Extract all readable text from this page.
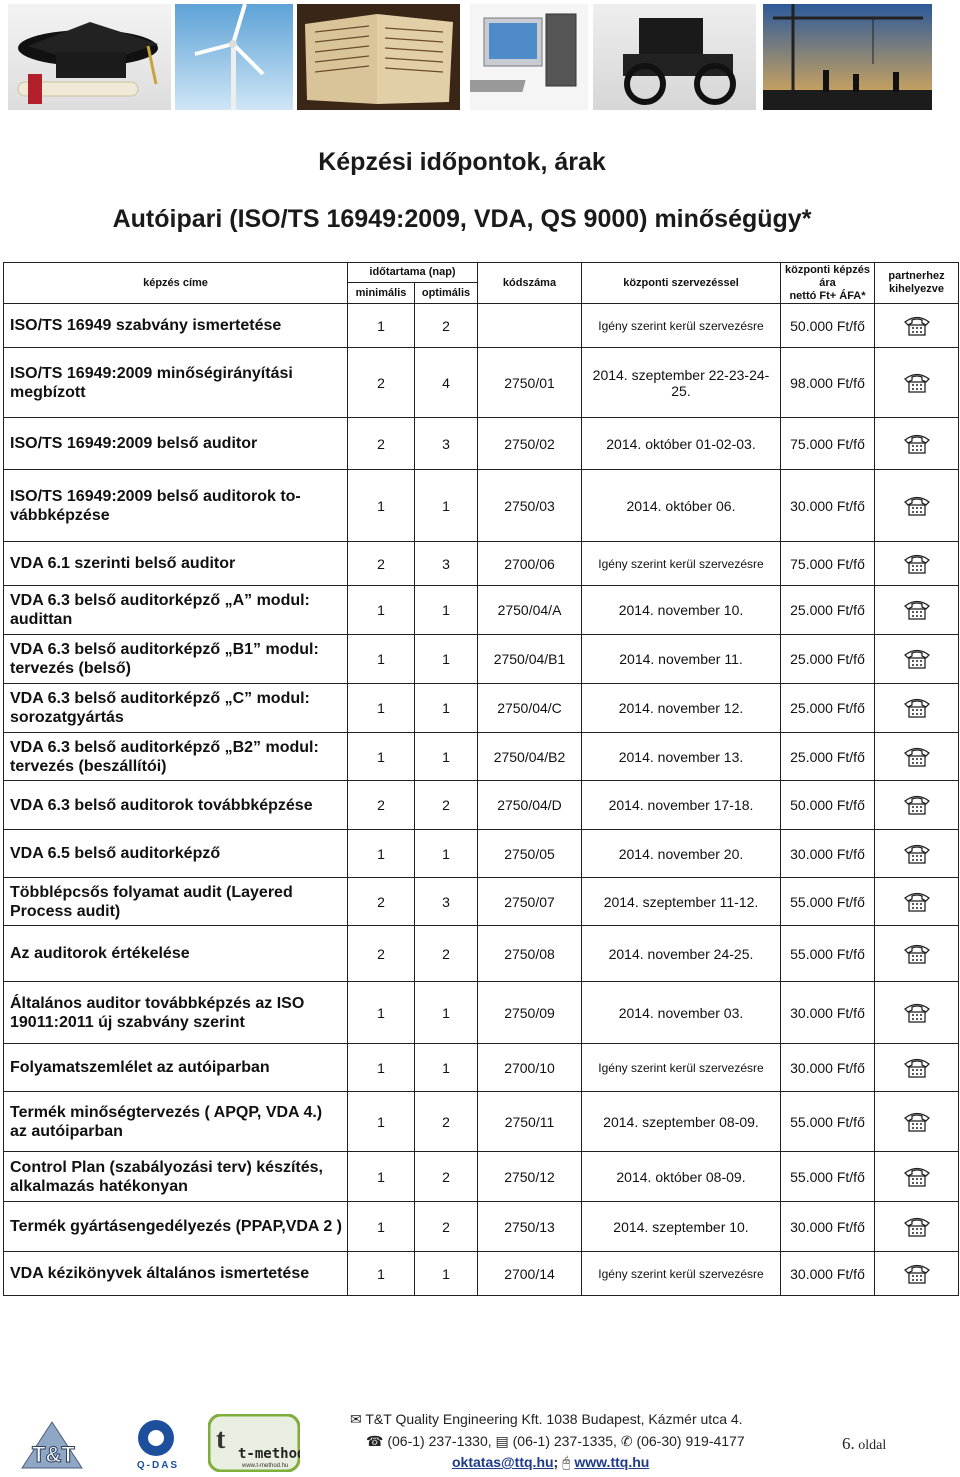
Képzési időpontok, árak
Autóipari (ISO/TS 16949:2009, VDA, QS 9000) minőségügy*
képzés címe	időtartama (nap)		kódszáma	központi szervezéssel	központi képzés ára
nettó Ft+ ÁFA*	partnerhez kihelyezve
	minimális	optimális				
ISO/TS 16949 szabvány ismertetése	1	2		Igény szerint kerül szervezésre	50.000 Ft/fő	

ISO/TS 16949:2009 minőségirányítási megbízott	2	4	2750/01	2014. szeptember 22-23-24-25.	98.000 Ft/fő	

ISO/TS 16949:2009 belső auditor	2	3	2750/02	2014. október 01-02-03.	75.000 Ft/fő	

ISO/TS 16949:2009 belső auditorok to-vábbképzése	1	1	2750/03	2014. október 06.	30.000 Ft/fő	

VDA 6.1 szerinti belső auditor	2	3	2700/06	Igény szerint kerül szervezésre	75.000 Ft/fő	

VDA 6.3 belső auditorképző „A” modul: audittan	1	1	2750/04/A	2014. november 10.	25.000 Ft/fő	

VDA 6.3 belső auditorképző „B1” modul: tervezés (belső)	1	1	2750/04/B1	2014. november 11.	25.000 Ft/fő	

VDA 6.3 belső auditorképző „C” modul: sorozatgyártás	1	1	2750/04/C	2014. november 12.	25.000 Ft/fő	

VDA 6.3 belső auditorképző „B2” modul: tervezés (beszállítói)	1	1	2750/04/B2	2014. november 13.	25.000 Ft/fő	

VDA 6.3 belső auditorok továbbképzése	2	2	2750/04/D	2014. november 17-18.	50.000 Ft/fő	

VDA 6.5 belső auditorképző	1	1	2750/05	2014. november 20.	30.000 Ft/fő	

Többlépcsős folyamat audit (Layered Process audit)	2	3	2750/07	2014. szeptember 11-12.	55.000 Ft/fő	

Az auditorok értékelése	2	2	2750/08	2014. november 24-25.	55.000 Ft/fő	

Általános auditor továbbképzés az ISO 19011:2011 új szabvány szerint	1	1	2750/09	2014. november 03.	30.000 Ft/fő	

Folyamatszemlélet az autóiparban	1	1	2700/10	Igény szerint kerül szervezésre	30.000 Ft/fő	

Termék minőségtervezés ( APQP, VDA 4.) az autóiparban	1	2	2750/11	2014. szeptember 08-09.	55.000 Ft/fő	

Control Plan (szabályozási terv) készítés, alkalmazás hatékonyan	1	2	2750/12	2014. október 08-09.	55.000 Ft/fő	

Termék gyártásengedélyezés (PPAP,VDA 2 )	1	2	2750/13	2014. szeptember 10.	30.000 Ft/fő	

VDA kézikönyvek általános ismertetése	1	1	2700/14	Igény szerint kerül szervezésre	30.000 Ft/fő	
T&T	Q-DAS
t-method
www.t-method.hu
t
✉ T&T Quality Engineering Kft. 1038 Budapest, Kázmér utca 4.
☎ (06-1) 237-1330, ▤ (06-1) 237-1335, ✆ (06-30) 919-4177
oktatas@ttq.hu; 🖰 www.ttq.hu
6. oldal
